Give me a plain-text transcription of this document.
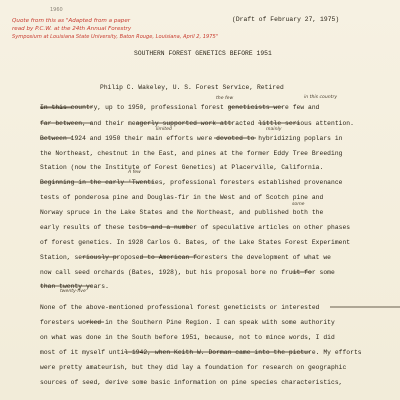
1960
(Draft of February 27, 1975)
Quote from this as "Adapted from a paper
read by P.C.W. at the 24th Annual Forestry
Symposium at Louisiana State University, Baton Rouge, Louisiana, April 2, 1975"
SOUTHERN FOREST GENETICS BEFORE 1951
Philip C. Wakeley, U. S. Forest Service, Retired
the few	in this country
limited	mainly
A few
some
twenty-five
In this country, up to 1950, professional forest geneticists were few and
far between, and their meagerly supported work attracted little serious attention.
Between 1924 and 1950 their main efforts were devoted to hybridizing poplars in
the Northeast, chestnut in the East, and pines at the former Eddy Tree Breeding
Station (now the Institute of Forest Genetics) at Placerville, California.
Beginning in the early 'Twenties, professional foresters established provenance
tests of ponderosa pine and Douglas-fir in the West and of Scotch pine and
Norway spruce in the Lake States and the Northeast, and published both the
early results of these tests and a number of speculative articles on other phases
of forest genetics. In 1928 Carlos G. Bates, of the Lake States Forest Experiment
Station, seriously proposed to American foresters the development of what we
now call seed orchards (Bates, 1928), but his proposal bore no fruit for some
than twenty years.
None of the above-mentioned professional forest geneticists or interested
foresters worked in the Southern Pine Region. I can speak with some authority
on what was done in the South before 1951, because, not to mince words, I did
most of it myself until 1942, when Keith W. Dorman came into the picture. My efforts
were pretty amateurish, but they did lay a foundation for research on geographic
sources of seed, derive some basic information on pine species characteristics,
